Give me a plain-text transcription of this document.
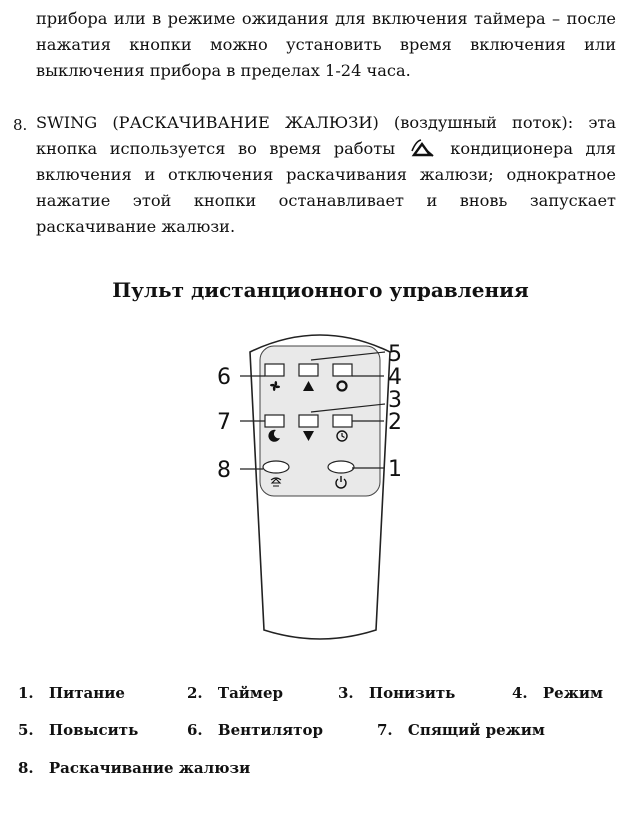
прибора или в режиме ожидания для включения таймера – после нажатия кнопки можно установить время включения или выключения прибора в пределах 1-24 часа.
8. SWING (РАСКАЧИВАНИЕ ЖАЛЮЗИ) (воздушный поток): эта кнопка используется во время работы	кондиционера для включения и отключения раскачивания жалюзи; однократное нажатие этой кнопки останавливает и вновь запускает раскачивание жалюзи.
Пульт дистанционного управления
5
4
6
3
7	2
8	1
1. Питание	2. Таймер	3. Понизить	4. Режим
5. Повысить	6. Вентилятор	7. Спящий режим
8. Раскачивание жалюзи
